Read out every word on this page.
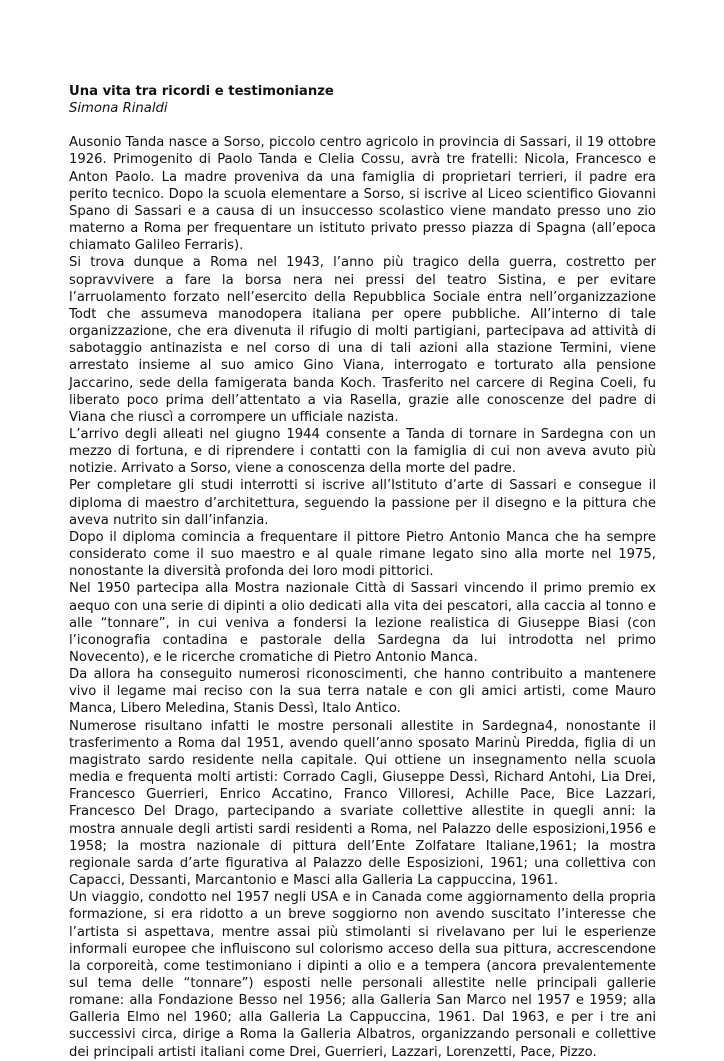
Una vita tra ricordi e testimonianze

Simona Rinaldi

Ausonio Tanda nasce a Sorso, piccolo centro agricolo in provincia di Sassari, il 19 ottobre 1926. Primogenito di Paolo Tanda e Clelia Cossu, avrà tre fratelli: Nicola, Francesco e Anton Paolo. La madre proveniva da una famiglia di proprietari terrieri, il padre era perito tecnico. Dopo la scuola elementare a Sorso, si iscrive al Liceo scientifico Giovanni Spano di Sassari e a causa di un insuccesso scolastico viene mandato presso uno zio materno a Roma per frequentare un istituto privato presso piazza di Spagna (all’epoca chiamato Galileo Ferraris).

Si trova dunque a Roma nel 1943, l’anno più tragico della guerra, costretto per sopravvivere a fare la borsa nera nei pressi del teatro Sistina, e per evitare l’arruolamento forzato nell’esercito della Repubblica Sociale entra nell’organizzazione Todt che assumeva manodopera italiana per opere pubbliche. All’interno di tale organizzazione, che era divenuta il rifugio di molti partigiani, partecipava ad attività di sabotaggio antinazista e nel corso di una di tali azioni alla stazione Termini, viene arrestato insieme al suo amico Gino Viana, interrogato e torturato alla pensione Jaccarino, sede della famigerata banda Koch. Trasferito nel carcere di Regina Coeli, fu liberato poco prima dell’attentato a via Rasella, grazie alle conoscenze del padre di Viana che riuscì a corrompere un ufficiale nazista.

L’arrivo degli alleati nel giugno 1944 consente a Tanda di tornare in Sardegna con un mezzo di fortuna, e di riprendere i contatti con la famiglia di cui non aveva avuto più notizie. Arrivato a Sorso, viene a conoscenza della morte del padre.

Per completare gli studi interrotti si iscrive all’Istituto d’arte di Sassari e consegue il diploma di maestro d’architettura, seguendo la passione per il disegno e la pittura che aveva nutrito sin dall’infanzia.

Dopo il diploma comincia a frequentare il pittore Pietro Antonio Manca che ha sempre considerato come il suo maestro e al quale rimane legato sino alla morte nel 1975, nonostante la diversità profonda dei loro modi pittorici.

Nel 1950 partecipa alla Mostra nazionale Città di Sassari vincendo il primo premio ex aequo con una serie di dipinti a olio dedicati alla vita dei pescatori, alla caccia al tonno e alle “tonnare”, in cui veniva a fondersi la lezione realistica di Giuseppe Biasi (con l’iconografia contadina e pastorale della Sardegna da lui introdotta nel primo Novecento), e le ricerche cromatiche di Pietro Antonio Manca.

Da allora ha conseguito numerosi riconoscimenti, che hanno contribuito a mantenere vivo il legame mai reciso con la sua terra natale e con gli amici artisti, come Mauro Manca, Libero Meledina, Stanis Dessì, Italo Antico.

Numerose risultano infatti le mostre personali allestite in Sardegna4, nonostante il trasferimento a Roma dal 1951, avendo quell’anno sposato Marinù Piredda, figlia di un magistrato sardo residente nella capitale. Qui ottiene un insegnamento nella scuola media e frequenta molti artisti: Corrado Cagli, Giuseppe Dessì, Richard Antohi, Lia Drei, Francesco Guerrieri, Enrico Accatino, Franco Villoresi, Achille Pace, Bice Lazzari, Francesco Del Drago, partecipando a svariate collettive allestite in quegli anni: la mostra annuale degli artisti sardi residenti a Roma, nel Palazzo delle esposizioni,1956 e 1958; la mostra nazionale di pittura dell’Ente Zolfatare Italiane,1961; la mostra regionale sarda d’arte figurativa al Palazzo delle Esposizioni, 1961; una collettiva con Capacci, Dessanti, Marcantonio e Masci alla Galleria La cappuccina, 1961.

Un viaggio, condotto nel 1957 negli USA e in Canada come aggiornamento della propria formazione, si era ridotto a un breve soggiorno non avendo suscitato l’interesse che l’artista si aspettava, mentre assai più stimolanti si rivelavano per lui le esperienze informali europee che influiscono sul colorismo acceso della sua pittura, accrescendone la corporeità, come testimoniano i dipinti a olio e a tempera (ancora prevalentemente sul tema delle “tonnare”) esposti nelle personali allestite nelle principali gallerie romane: alla Fondazione Besso nel 1956; alla Galleria San Marco nel 1957 e 1959; alla Galleria Elmo nel 1960; alla Galleria La Cappuccina, 1961. Dal 1963, e per i tre ani successivi circa, dirige a Roma la Galleria Albatros, organizzando personali e collettive dei principali artisti italiani come Drei, Guerrieri, Lazzari, Lorenzetti, Pace, Pizzo.
